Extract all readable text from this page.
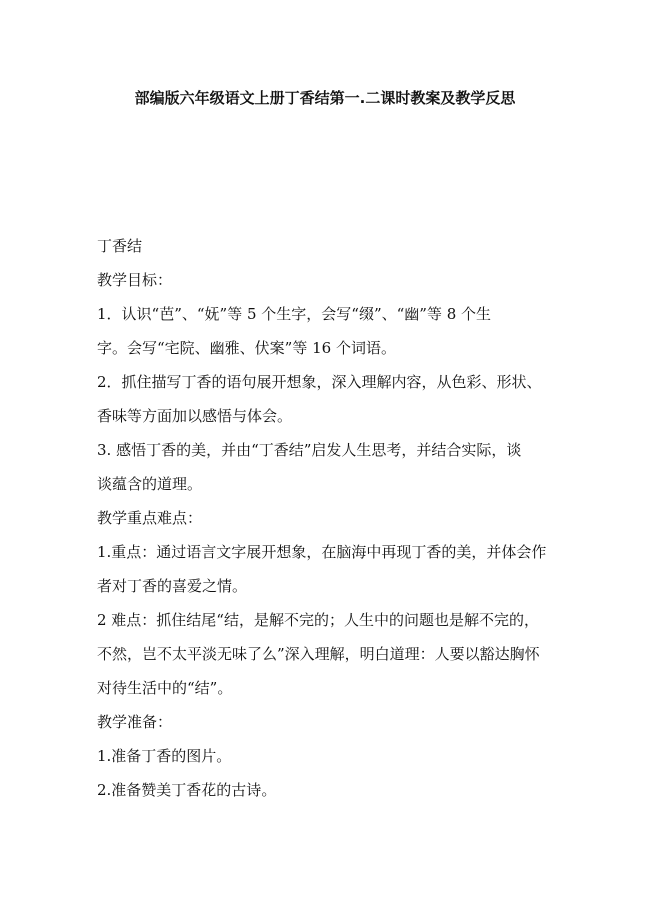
部编版六年级语文上册丁香结第一.二课时教案及教学反思

丁香结

教学目标：

1．认识“芭”、“妩”等 5 个生字，会写“缀”、“幽”等 8 个生

字。会写“宅院、幽雅、伏案”等 16 个词语。

2．抓住描写丁香的语句展开想象，深入理解内容，从色彩、形状、

香味等方面加以感悟与体会。

3. 感悟丁香的美，并由“丁香结”启发人生思考，并结合实际，谈

谈蕴含的道理。

教学重点难点：

1.重点：通过语言文字展开想象，在脑海中再现丁香的美，并体会作

者对丁香的喜爱之情。

2 难点：抓住结尾“结，是解不完的；人生中的问题也是解不完的，

不然，岂不太平淡无味了么”深入理解，明白道理：人要以豁达胸怀

对待生活中的“结”。

教学准备：

1.准备丁香的图片。

2.准备赞美丁香花的古诗。
